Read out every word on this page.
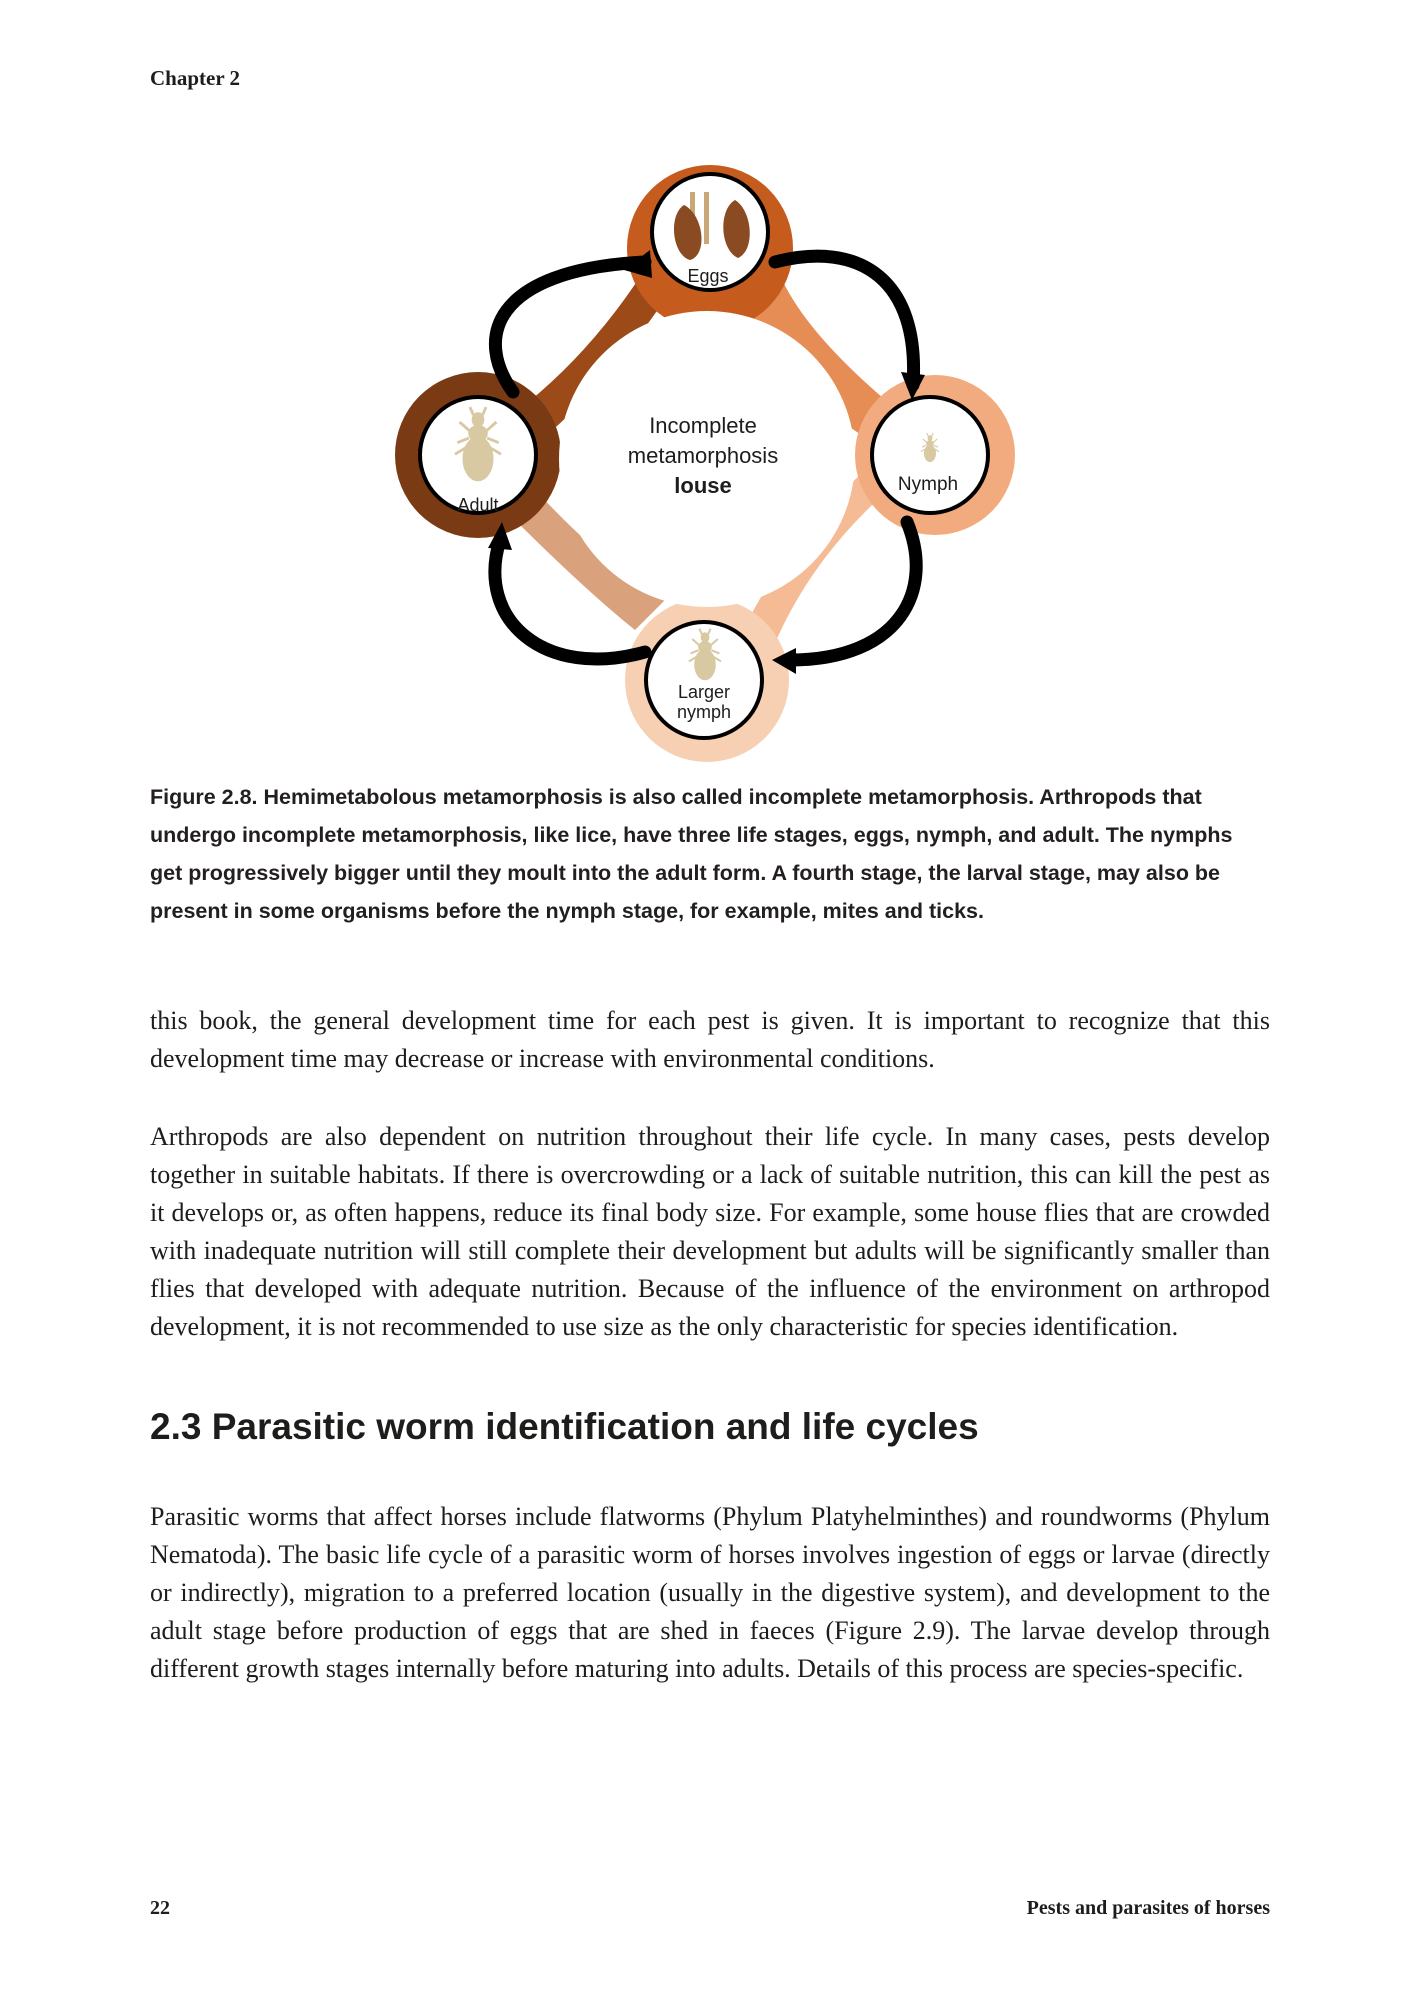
Chapter 2
Eggs
Nymph
Larger
nymph
Adult
Incomplete
metamorphosis
louse
Figure 2.8. Hemimetabolous metamorphosis is also called incomplete metamorphosis. Arthropods that undergo incomplete metamorphosis, like lice, have three life stages, eggs, nymph, and adult. The nymphs get progressively bigger until they moult into the adult form. A fourth stage, the larval stage, may also be present in some organisms before the nymph stage, for example, mites and ticks.

this book, the general development time for each pest is given. It is important to recognize that this development time may decrease or increase with environmental conditions.

Arthropods are also dependent on nutrition throughout their life cycle. In many cases, pests develop together in suitable habitats. If there is overcrowding or a lack of suitable nutrition, this can kill the pest as it develops or, as often happens, reduce its final body size. For example, some house flies that are crowded with inadequate nutrition will still complete their development but adults will be significantly smaller than flies that developed with adequate nutrition. Because of the influence of the environment on arthropod development, it is not recommended to use size as the only characteristic for species identification.

2.3 Parasitic worm identification and life cycles

Parasitic worms that affect horses include flatworms (Phylum Platyhelminthes) and roundworms (Phylum Nematoda). The basic life cycle of a parasitic worm of horses involves ingestion of eggs or larvae (directly or indirectly), migration to a preferred location (usually in the digestive system), and development to the adult stage before production of eggs that are shed in faeces (Figure 2.9). The larvae develop through different growth stages internally before maturing into adults. Details of this process are species-specific.

22	Pests and parasites of horses
